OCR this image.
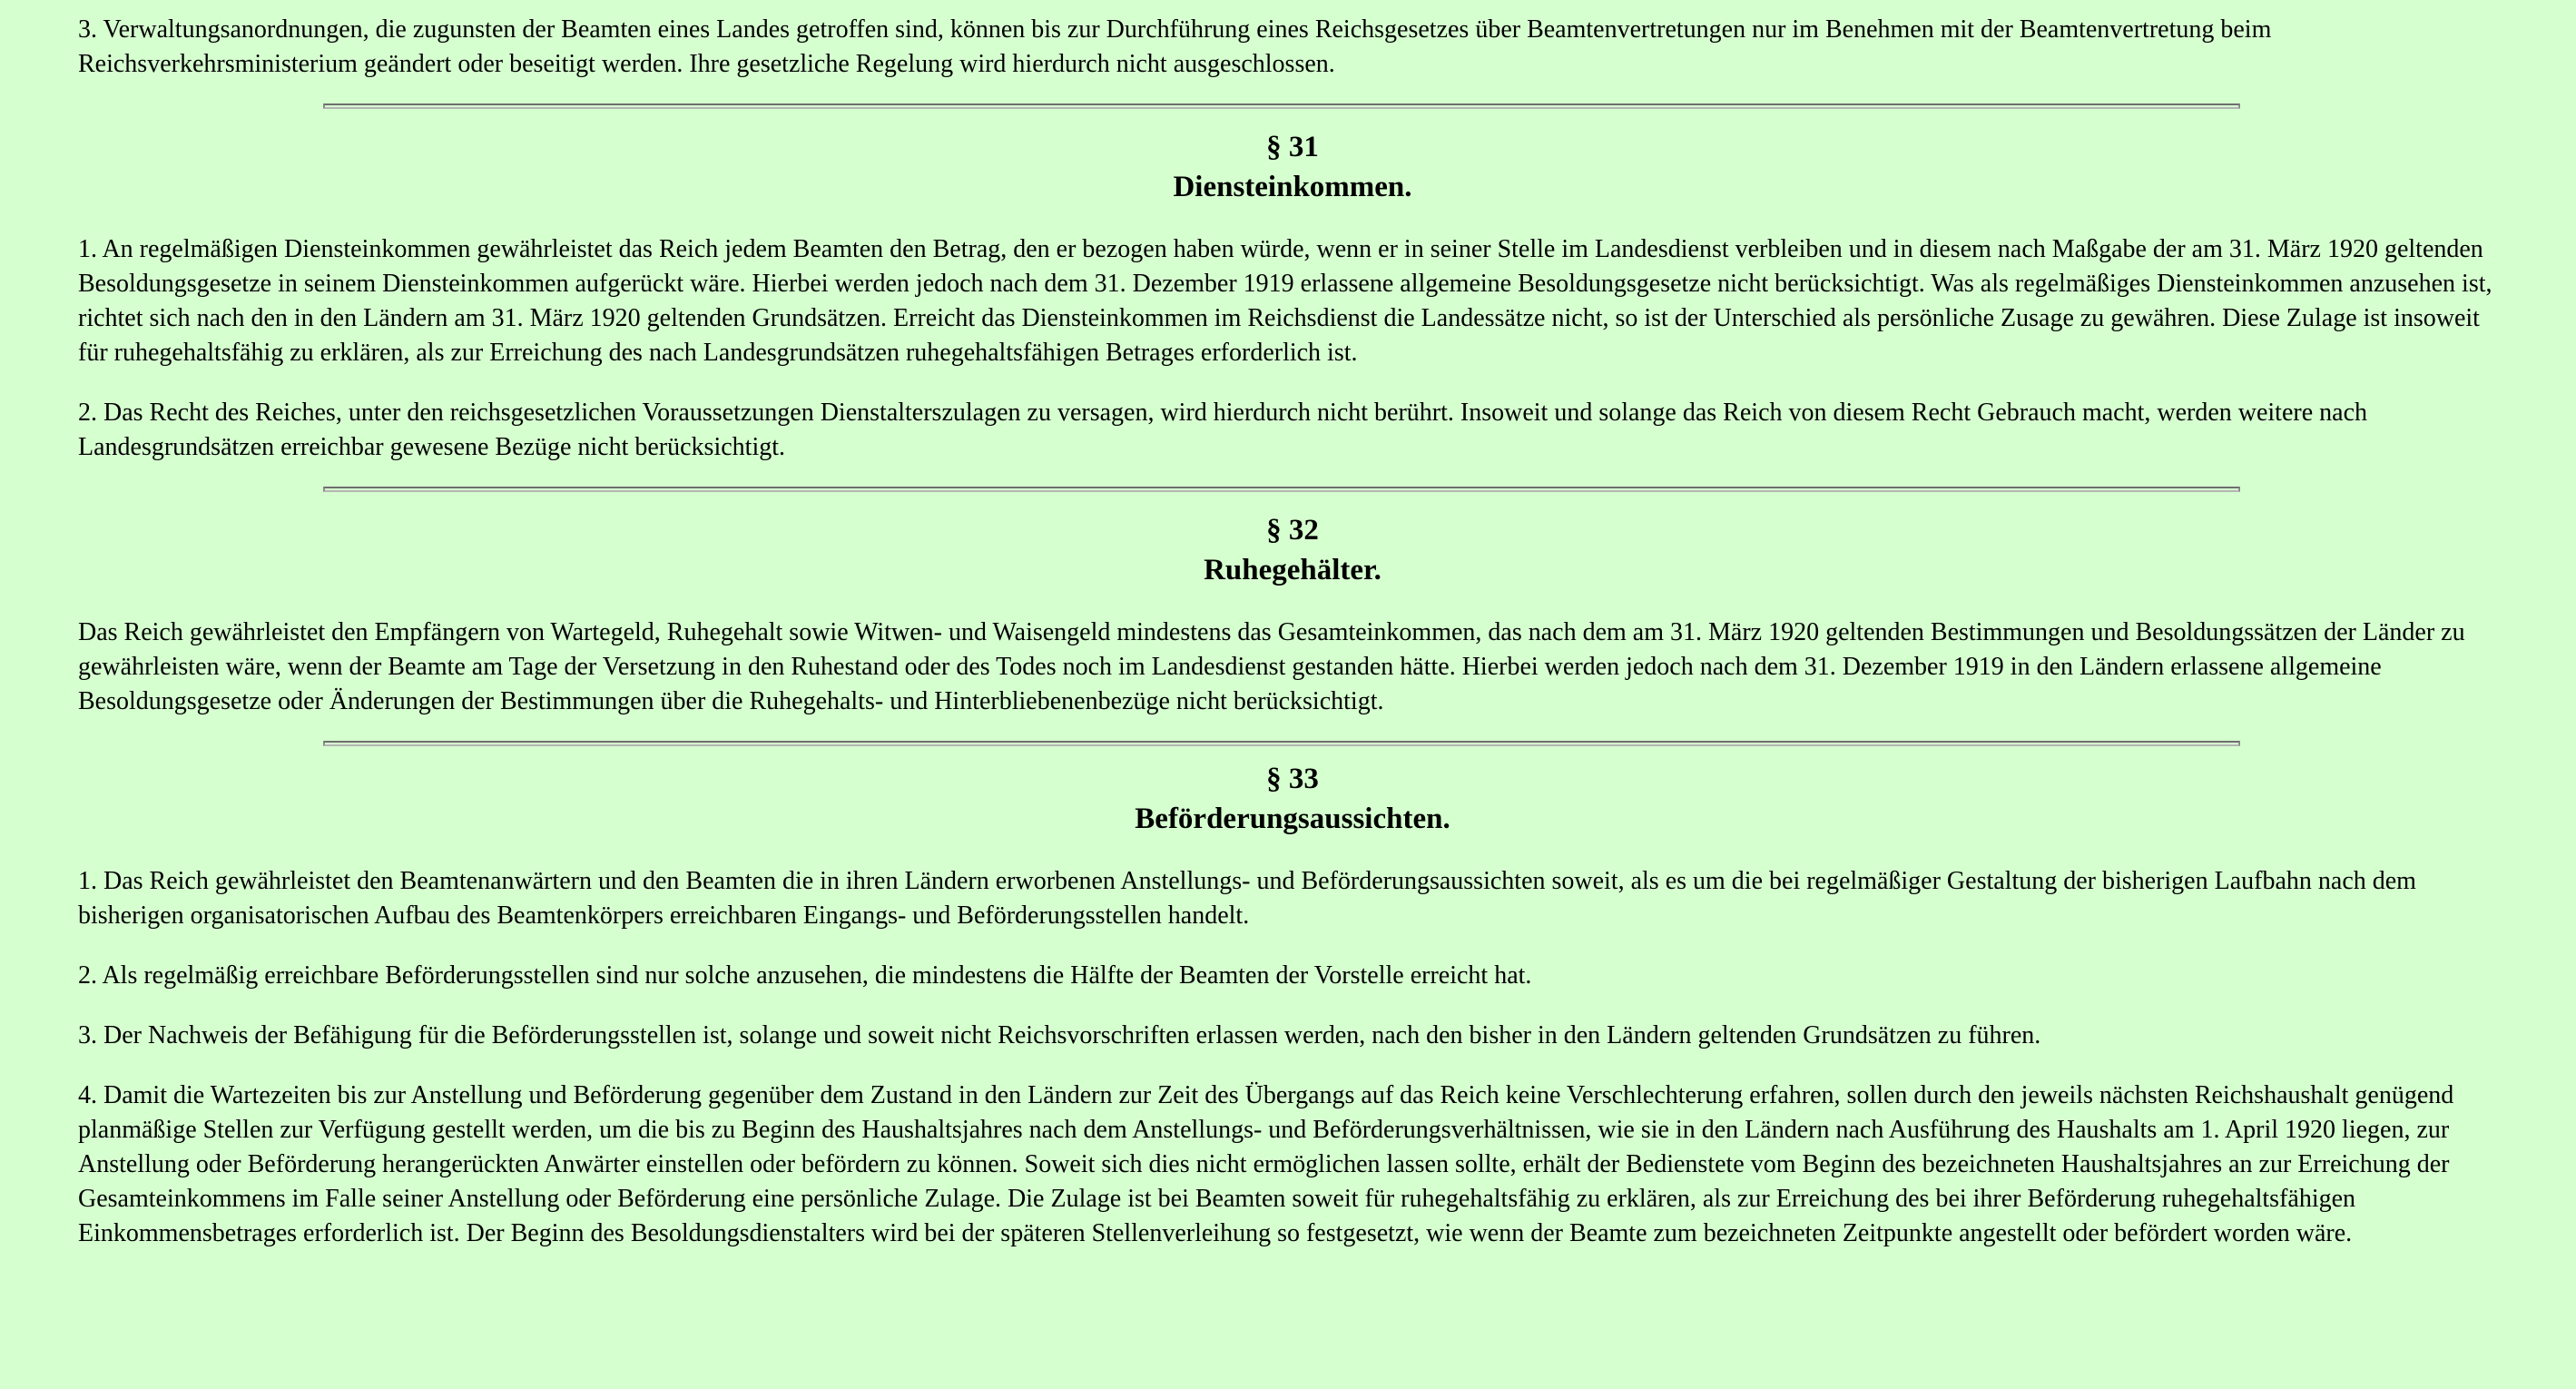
3. Verwaltungsanordnungen, die zugunsten der Beamten eines Landes getroffen sind, können bis zur Durchführung eines Reichsgesetzes über Beamtenvertretungen nur im Benehmen mit der Beamtenvertretung beim Reichsverkehrsministerium geändert oder beseitigt werden. Ihre gesetzliche Regelung wird hierdurch nicht ausgeschlossen.

§ 31
Diensteinkommen.

1. An regelmäßigen Diensteinkommen gewährleistet das Reich jedem Beamten den Betrag, den er bezogen haben würde, wenn er in seiner Stelle im Landesdienst verbleiben und in diesem nach Maßgabe der am 31. März 1920 geltenden Besoldungsgesetze in seinem Diensteinkommen aufgerückt wäre. Hierbei werden jedoch nach dem 31. Dezember 1919 erlassene allgemeine Besoldungsgesetze nicht berücksichtigt. Was als regelmäßiges Diensteinkommen anzusehen ist, richtet sich nach den in den Ländern am 31. März 1920 geltenden Grundsätzen. Erreicht das Diensteinkommen im Reichsdienst die Landessätze nicht, so ist der Unterschied als persönliche Zusage zu gewähren. Diese Zulage ist insoweit für ruhegehaltsfähig zu erklären, als zur Erreichung des nach Landesgrundsätzen ruhegehaltsfähigen Betrages erforderlich ist.

2. Das Recht des Reiches, unter den reichsgesetzlichen Voraussetzungen Dienstalterszulagen zu versagen, wird hierdurch nicht berührt. Insoweit und solange das Reich von diesem Recht Gebrauch macht, werden weitere nach Landesgrundsätzen erreichbar gewesene Bezüge nicht berücksichtigt.

§ 32
Ruhegehälter.

Das Reich gewährleistet den Empfängern von Wartegeld, Ruhegehalt sowie Witwen- und Waisengeld mindestens das Gesamteinkommen, das nach dem am 31. März 1920 geltenden Bestimmungen und Besoldungssätzen der Länder zu gewährleisten wäre, wenn der Beamte am Tage der Versetzung in den Ruhestand oder des Todes noch im Landesdienst gestanden hätte. Hierbei werden jedoch nach dem 31. Dezember 1919 in den Ländern erlassene allgemeine Besoldungsgesetze oder Änderungen der Bestimmungen über die Ruhegehalts- und Hinterbliebenenbezüge nicht berücksichtigt.

§ 33
Beförderungsaussichten.

1. Das Reich gewährleistet den Beamtenanwärtern und den Beamten die in ihren Ländern erworbenen Anstellungs- und Beförderungsaussichten soweit, als es um die bei regelmäßiger Gestaltung der bisherigen Laufbahn nach dem bisherigen organisatorischen Aufbau des Beamtenkörpers erreichbaren Eingangs- und Beförderungsstellen handelt.

2. Als regelmäßig erreichbare Beförderungsstellen sind nur solche anzusehen, die mindestens die Hälfte der Beamten der Vorstelle erreicht hat.

3. Der Nachweis der Befähigung für die Beförderungsstellen ist, solange und soweit nicht Reichsvorschriften erlassen werden, nach den bisher in den Ländern geltenden Grundsätzen zu führen.

4. Damit die Wartezeiten bis zur Anstellung und Beförderung gegenüber dem Zustand in den Ländern zur Zeit des Übergangs auf das Reich keine Verschlechterung erfahren, sollen durch den jeweils nächsten Reichshaushalt genügend planmäßige Stellen zur Verfügung gestellt werden, um die bis zu Beginn des Haushaltsjahres nach dem Anstellungs- und Beförderungsverhältnissen, wie sie in den Ländern nach Ausführung des Haushalts am 1. April 1920 liegen, zur Anstellung oder Beförderung herangerückten Anwärter einstellen oder befördern zu können. Soweit sich dies nicht ermöglichen lassen sollte, erhält der Bedienstete vom Beginn des bezeichneten Haushaltsjahres an zur Erreichung der Gesamteinkommens im Falle seiner Anstellung oder Beförderung eine persönliche Zulage. Die Zulage ist bei Beamten soweit für ruhegehaltsfähig zu erklären, als zur Erreichung des bei ihrer Beförderung ruhegehaltsfähigen Einkommensbetrages erforderlich ist. Der Beginn des Besoldungsdienstalters wird bei der späteren Stellenverleihung so festgesetzt, wie wenn der Beamte zum bezeichneten Zeitpunkte angestellt oder befördert worden wäre.
